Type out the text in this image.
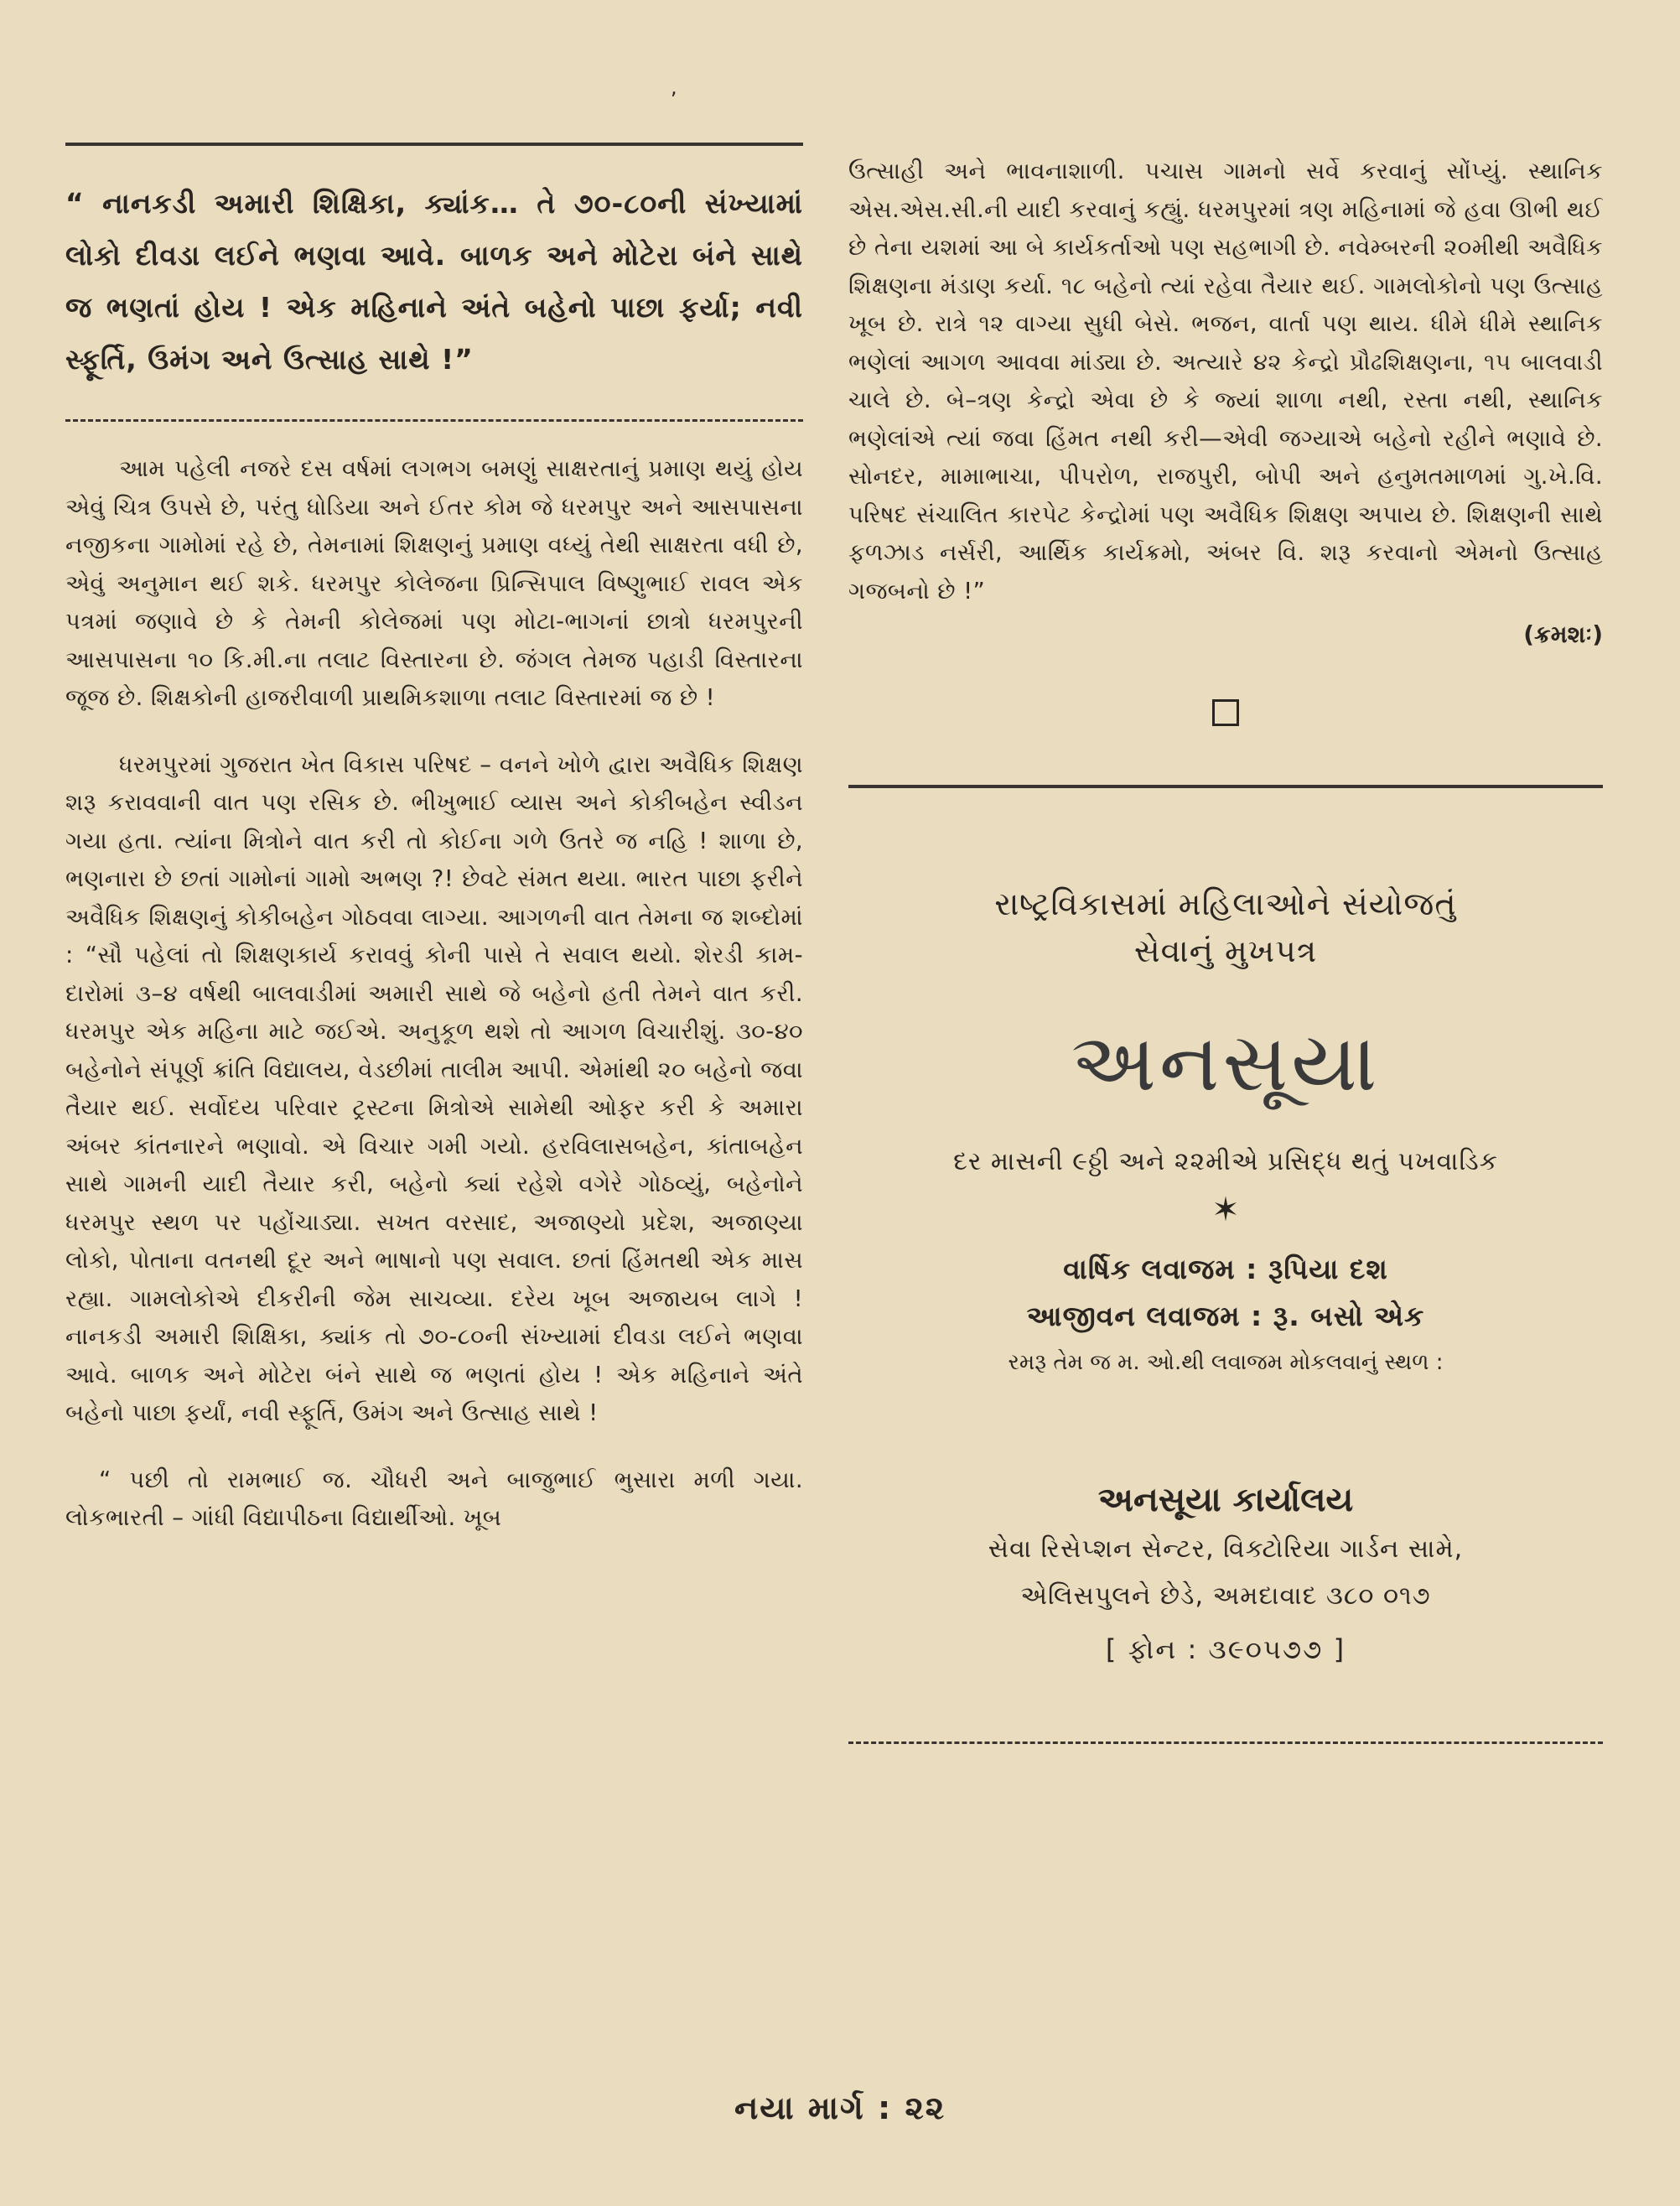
,
“ નાનકડી અમારી શિક્ષિકા, ક્યાંક… તે ૭૦-૮૦ની સંખ્યામાં લોકો દીવડા લઈને ભણવા આવે. બાળક અને મોટેરા બંને સાથે જ ભણતાં હોય ! એક મહિનાને અંતે બહેનો પાછા ફર્યા; નવી સ્ફૂર્તિ, ઉમંગ અને ઉત્સાહ સાથે !”

આમ પહેલી નજરે દસ વર્ષમાં લગભગ બમણું સાક્ષરતાનું પ્રમાણ થયું હોય એવું ચિત્ર ઉપસે છે, પરંતુ ધોડિયા અને ઈતર કોમ જે ધરમપુર અને આસપાસના નજીકના ગામોમાં રહે છે, તેમનામાં શિક્ષણનું પ્રમાણ વધ્યું તેથી સાક્ષરતા વધી છે, એવું અનુમાન થઈ શકે. ધરમપુર કોલેજના પ્રિન્સિપાલ વિષ્ણુભાઈ રાવલ એક પત્રમાં જણાવે છે કે તેમની કોલેજમાં પણ મોટા-ભાગનાં છાત્રો ધરમપુરની આસપાસના ૧૦ કિ.મી.ના તલાટ વિસ્તારના છે. જંગલ તેમજ પહાડી વિસ્તારના જૂજ છે. શિક્ષકોની હાજરીવાળી પ્રાથમિકશાળા તલાટ વિસ્તારમાં જ છે !

ધરમપુરમાં ગુજરાત ખેત વિકાસ પરિષદ – વનને ખોળે દ્વારા અવૈધિક શિક્ષણ શરૂ કરાવવાની વાત પણ રસિક છે. ભીખુભાઈ વ્યાસ અને કોકીબહેન સ્વીડન ગયા હતા. ત્યાંના મિત્રોને વાત કરી તો કોઈના ગળે ઉતરે જ નહિ ! શાળા છે, ભણનારા છે છતાં ગામોનાં ગામો અભણ ?! છેવટે સંમત થયા. ભારત પાછા ફરીને અવૈધિક શિક્ષણનું કોકીબહેન ગોઠવવા લાગ્યા. આગળની વાત તેમના જ શબ્દોમાં : “સૌ પહેલાં તો શિક્ષણકાર્ય કરાવવું કોની પાસે તે સવાલ થયો. શેરડી કામ-દારોમાં ૩–૪ વર્ષથી બાલવાડીમાં અમારી સાથે જે બહેનો હતી તેમને વાત કરી. ધરમપુર એક મહિના માટે જઈએ. અનુકૂળ થશે તો આગળ વિચારીશું. ૩૦-૪૦ બહેનોને સંપૂર્ણ ક્રાંતિ વિદ્યાલય, વેડછીમાં તાલીમ આપી. એમાંથી ૨૦ બહેનો જવા તૈયાર થઈ. સર્વોદય પરિવાર ટ્રસ્ટના મિત્રોએ સામેથી ઓફર કરી કે અમારા અંબર કાંતનારને ભણાવો. એ વિચાર ગમી ગયો. હરવિલાસબહેન, કાંતાબહેન સાથે ગામની યાદી તૈયાર કરી, બહેનો ક્યાં રહેશે વગેરે ગોઠવ્યું, બહેનોને ધરમપુર સ્થળ પર પહોંચાડ્યા. સખત વરસાદ, અજાણ્યો પ્રદેશ, અજાણ્યા લોકો, પોતાના વતનથી દૂર અને ભાષાનો પણ સવાલ. છતાં હિંમતથી એક માસ રહ્યા. ગામલોકોએ દીકરીની જેમ સાચવ્યા. દરેય ખૂબ અજાયબ લાગે ! નાનકડી અમારી શિક્ષિકા, ક્યાંક તો ૭૦-૮૦ની સંખ્યામાં દીવડા લઈને ભણવા આવે. બાળક અને મોટેરા બંને સાથે જ ભણતાં હોય ! એક મહિનાને અંતે બહેનો પાછા ફર્યાં, નવી સ્ફૂર્તિ, ઉમંગ અને ઉત્સાહ સાથે !

“ પછી તો રામભાઈ જ. ચૌધરી અને બાજુભાઈ ભુસારા મળી ગયા. લોકભારતી – ગાંધી વિદ્યાપીઠના વિદ્યાર્થીઓ. ખૂબ

ઉત્સાહી અને ભાવનાશાળી. પચાસ ગામનો સર્વે કરવાનું સોંપ્યું. સ્થાનિક એસ.એસ.સી.ની યાદી કરવાનું કહ્યું. ધરમપુરમાં ત્રણ મહિનામાં જે હવા ઊભી થઈ છે તેના યશમાં આ બે કાર્યકર્તાઓ પણ સહભાગી છે. નવેમ્બરની ૨૦મીથી અવૈધિક શિક્ષણના મંડાણ કર્યા. ૧૮ બહેનો ત્યાં રહેવા તૈયાર થઈ. ગામલોકોનો પણ ઉત્સાહ ખૂબ છે. રાત્રે ૧૨ વાગ્યા સુધી બેસે. ભજન, વાર્તા પણ થાય. ધીમે ધીમે સ્થાનિક ભણેલાં આગળ આવવા માંડ્યા છે. અત્યારે ૪૨ કેન્દ્રો પ્રૌઢશિક્ષણના, ૧૫ બાલવાડી ચાલે છે. બે–ત્રણ કેન્દ્રો એવા છે કે જ્યાં શાળા નથી, રસ્તા નથી, સ્થાનિક ભણેલાંએ ત્યાં જવા હિંમત નથી કરી—એવી જગ્યાએ બહેનો રહીને ભણાવે છે. સોનદર, મામાભાચા, પીપરોળ, રાજપુરી, બોપી અને હનુમતમાળમાં ગુ.ખે.વિ. પરિષદ સંચાલિત કારપેટ કેન્દ્રોમાં પણ અવૈધિક શિક્ષણ અપાય છે. શિક્ષણની સાથે ફળઝાડ નર્સરી, આર્થિક કાર્યક્રમો, અંબર વિ. શરૂ કરવાનો એમનો ઉત્સાહ ગજબનો છે !”

(ક્રમશઃ)
રાષ્ટ્રવિકાસમાં મહિલાઓને સંયોજતું
સેવાનું મુખપત્ર
અનસૂયા
દર માસની ૯ઠ્ઠી અને ૨૨મીએ પ્રસિદ્ધ થતું પખવાડિક
✶
વાર્ષિક લવાજમ : રૂપિયા દશ
આજીવન લવાજમ : રૂ. બસો એક
રમરૂ તેમ જ મ. ઓ.થી લવાજમ મોકલવાનું સ્થળ :
અનસૂયા કાર્યાલય
સેવા રિસેપ્શન સેન્ટર, વિક્ટોરિયા ગાર્ડન સામે,
એલિસપુલને છેડે, અમદાવાદ ૩૮૦ ૦૧૭
[ ફોન : ૩૯૦૫૭૭ ]
નયા માર્ગ : ૨૨
